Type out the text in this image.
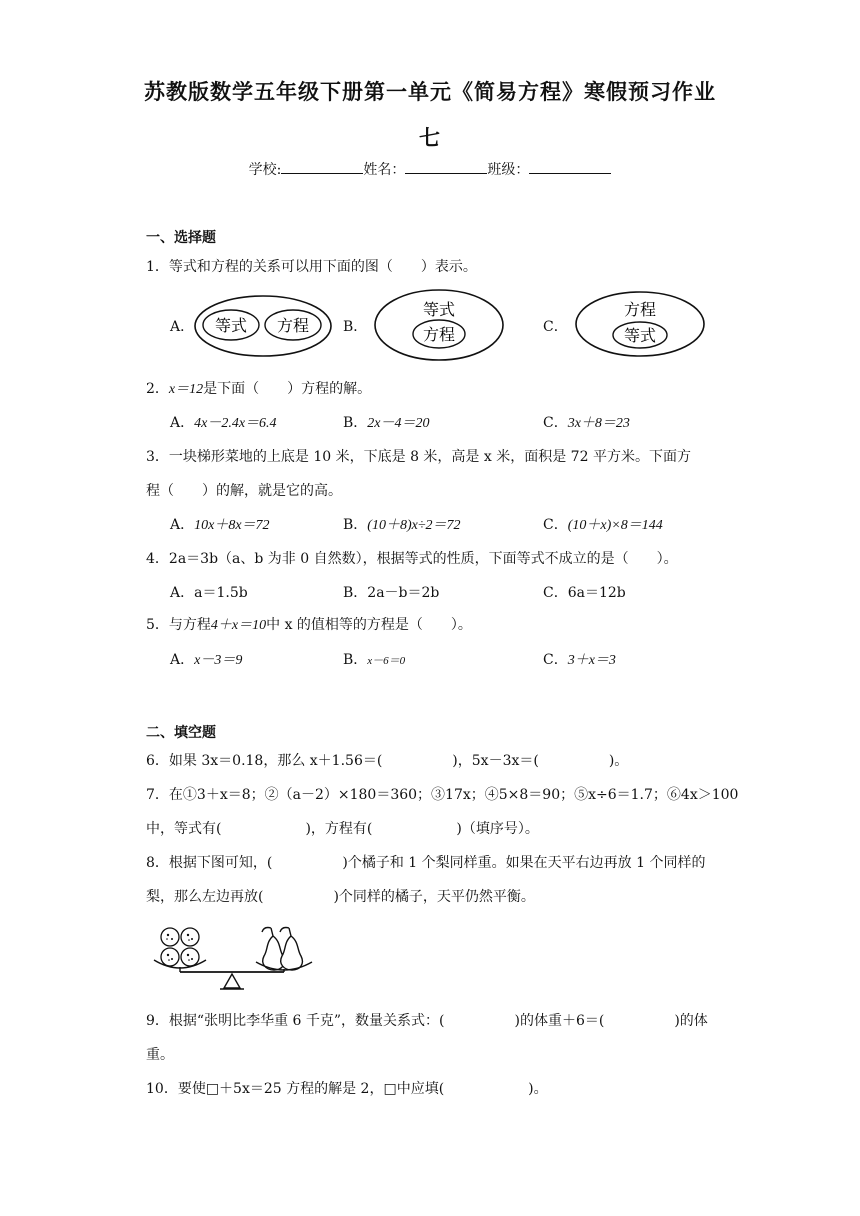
苏教版数学五年级下册第一单元《简易方程》寒假预习作业
七
学校:	姓名：	班级：
一、选择题
1．等式和方程的关系可以用下面的图（　　）表示。
A． 等式 方程 B．
等式
方程	C．
方程
等式
2．x＝12是下面（　　）方程的解。
A．4x－2.4x＝6.4	B．2x－4＝20	C．3x＋8＝23
3．一块梯形菜地的上底是 10 米，下底是 8 米，高是 x 米，面积是 72 平方米。下面方
程（　　）的解，就是它的高。
A．10x＋8x＝72	B．(10＋8)x÷2＝72	C．(10＋x)×8＝144
4．2a＝3b（a、b 为非 0 自然数），根据等式的性质，下面等式不成立的是（　　）。
A．a＝1.5b	B．2a－b＝2b	C．6a＝12b
5．与方程4＋x＝10中 x 的值相等的方程是（　　）。
A．x－3＝9	B．x－6＝0	C．3＋x＝3
二、填空题
6．如果 3x＝0.18，那么 x＋1.56＝(　　　　　)，5x－3x＝(　　　　　)。
7．在①3＋x＝8；②（a－2）×180＝360；③17x；④5×8＝90；⑤x÷6＝1.7；⑥4x＞100
中，等式有(　　　　　　)，方程有(　　　　　　)（填序号）。
8．根据下图可知，(　　　　　)个橘子和 1 个梨同样重。如果在天平右边再放 1 个同样的
梨，那么左边再放(　　　　　)个同样的橘子，天平仍然平衡。
9．根据“张明比李华重 6 千克”，数量关系式：(　　　　　)的体重＋6＝(　　　　　)的体
重。
10．要使□＋5x＝25 方程的解是 2，□中应填(　　　　　　)。
